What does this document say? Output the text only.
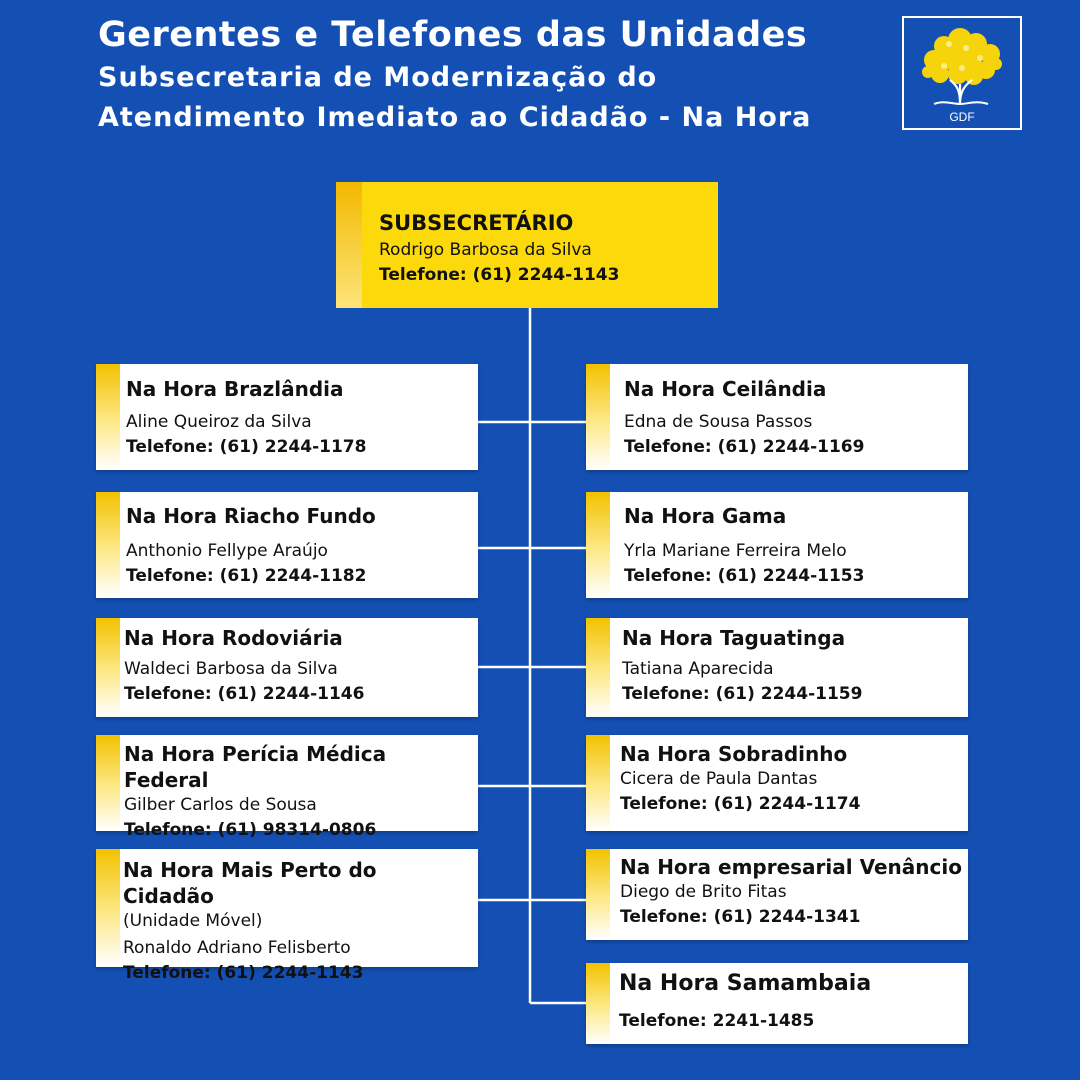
Gerentes e Telefones das Unidades

Subsecretaria de Modernização do

Atendimento Imediato ao Cidadão - Na Hora	GDF
SUBSECRETÁRIO
Rodrigo Barbosa da Silva
Telefone: (61) 2244-1143
Na Hora Brazlândia
Aline Queiroz da Silva
Telefone: (61) 2244-1178
Na Hora Riacho Fundo
Anthonio Fellype Araújo
Telefone: (61) 2244-1182
Na Hora Rodoviária
Waldeci Barbosa da Silva
Telefone: (61) 2244-1146
Na Hora Perícia Médica Federal
Gilber Carlos de Sousa
Telefone: (61) 98314-0806
Na Hora Mais Perto do Cidadão
(Unidade Móvel)
Ronaldo Adriano Felisberto
Telefone: (61) 2244-1143
Na Hora Ceilândia
Edna de Sousa Passos
Telefone: (61) 2244-1169
Na Hora Gama
Yrla Mariane Ferreira Melo
Telefone: (61) 2244-1153
Na Hora Taguatinga
Tatiana Aparecida
Telefone: (61) 2244-1159
Na Hora Sobradinho
Cicera de Paula Dantas
Telefone: (61) 2244-1174
Na Hora empresarial Venâncio
Diego de Brito Fitas
Telefone: (61) 2244-1341
Na Hora Samambaia
Telefone: 2241-1485
